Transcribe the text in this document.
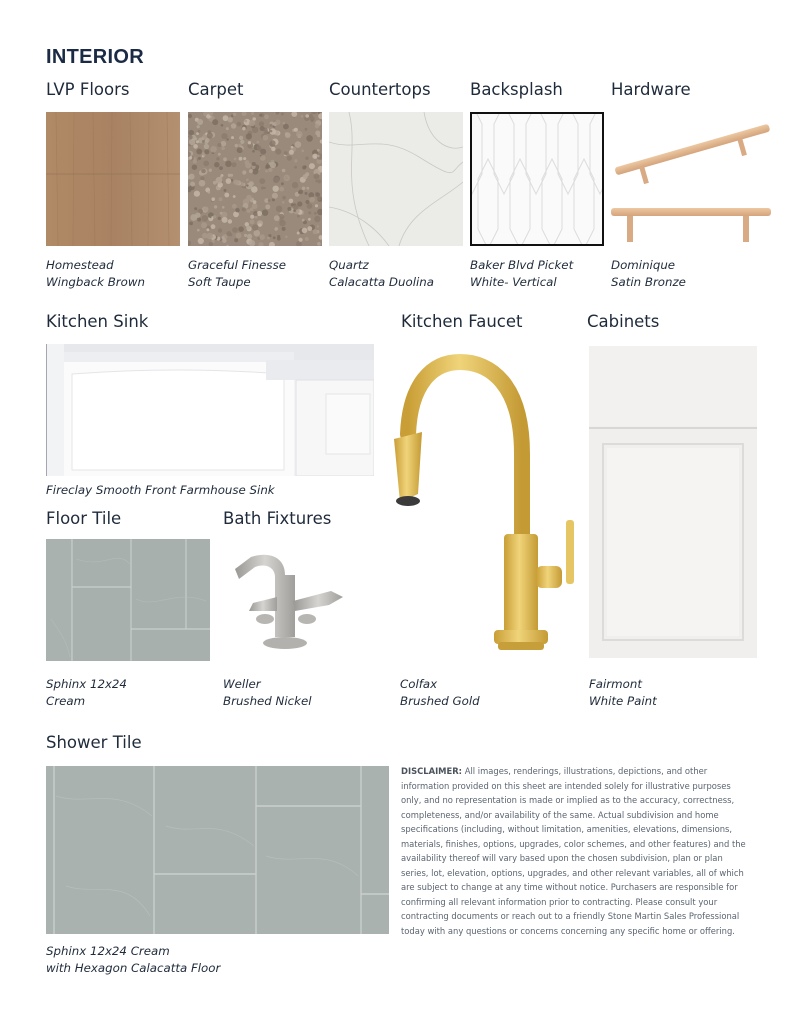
INTERIOR
LVP Floors	Carpet	Countertops Backsplash	Hardware
Homestead
Wingback Brown
Graceful Finesse
Soft Taupe
Quartz
Calacatta Duolina
Baker Blvd Picket
White- Vertical
Dominique
Satin Bronze
Kitchen Sink	Kitchen Faucet	Cabinets
Fireclay Smooth Front Farmhouse Sink
Floor Tile	Bath Fixtures
Sphinx 12x24
Cream
Weller
Brushed Nickel
Colfax
Brushed Gold
Fairmont
White Paint
Shower Tile
Sphinx 12x24 Cream
with Hexagon Calacatta Floor
DISCLAIMER: All images, renderings, illustrations, depictions, and other information provided on this sheet are intended solely for illustrative purposes only, and no representation is made or implied as to the accuracy, correctness, completeness, and/or availability of the same. Actual subdivision and home specifications (including, without limitation, amenities, elevations, dimensions, materials, finishes, options, upgrades, color schemes, and other features) and the availability thereof will vary based upon the chosen subdivision, plan or plan series, lot, elevation, options, upgrades, and other relevant variables, all of which are subject to change at any time without notice. Purchasers are responsible for confirming all relevant information prior to contracting. Please consult your contracting documents or reach out to a friendly Stone Martin Sales Professional today with any questions or concerns concerning any specific home or offering.
